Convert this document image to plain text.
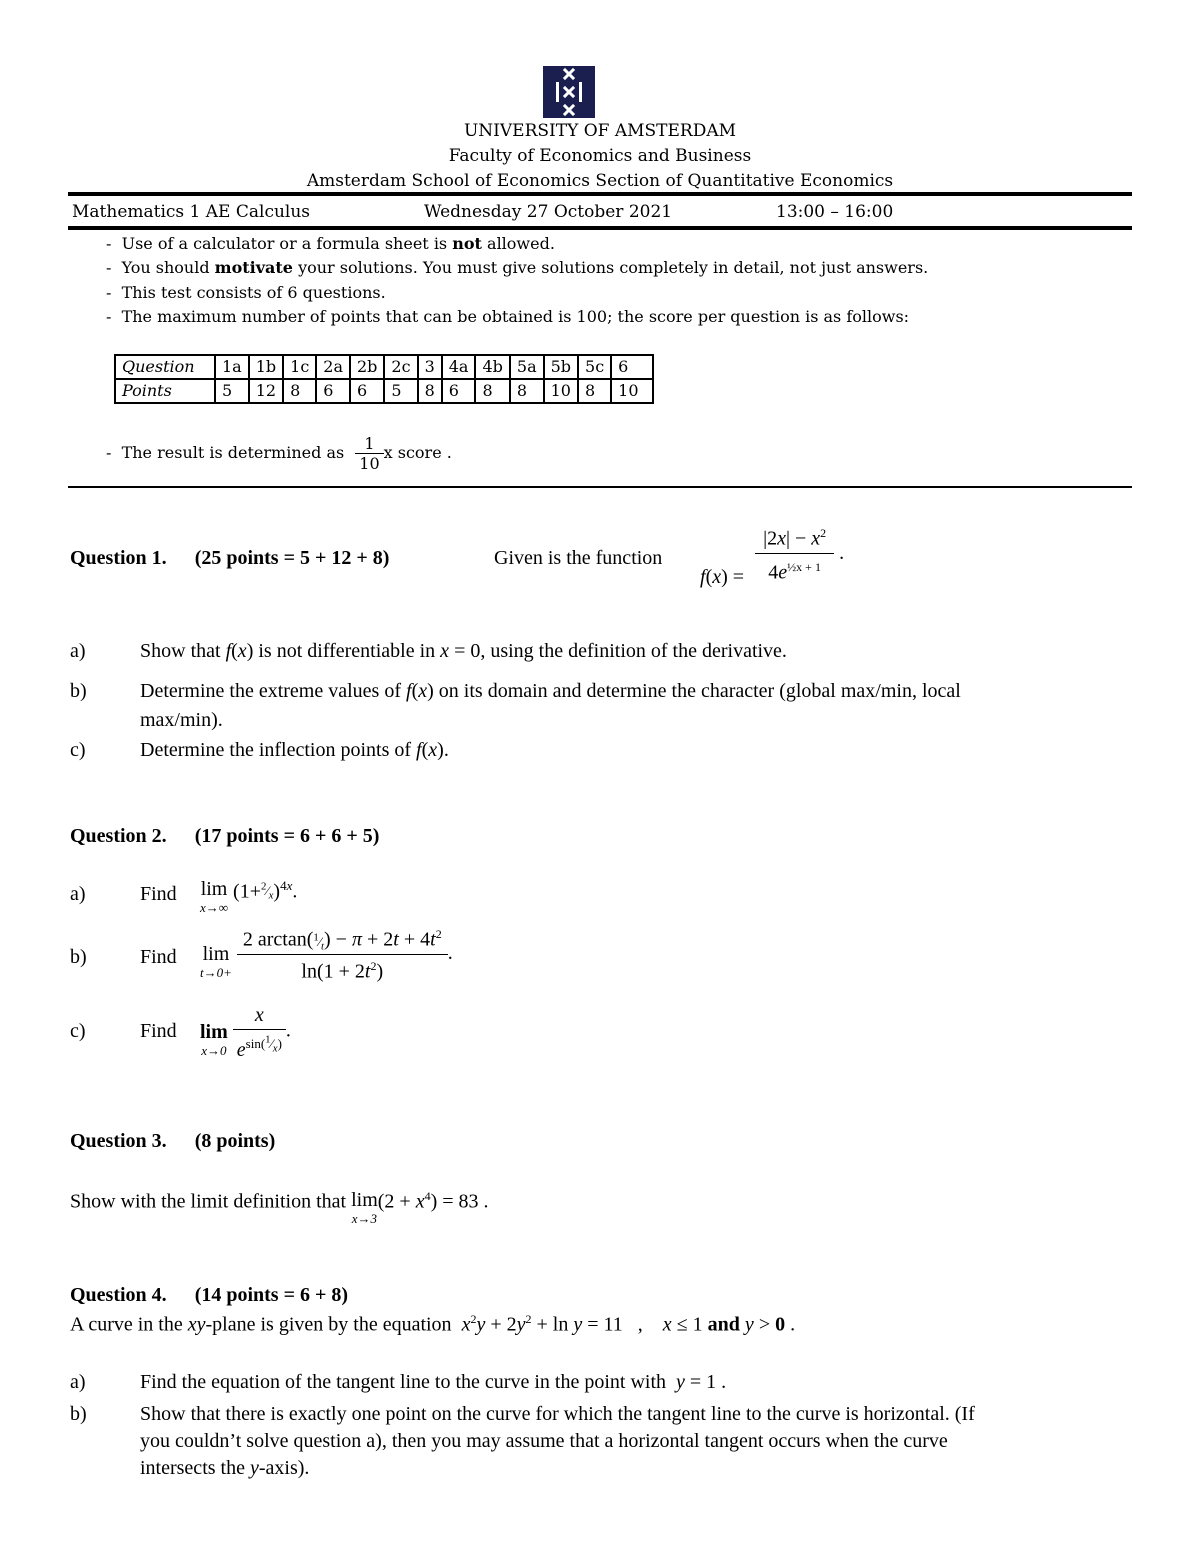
UNIVERSITY OF AMSTERDAM
Faculty of Economics and Business
Amsterdam School of Economics Section of Quantitative Economics
Mathematics 1 AE Calculus	Wednesday 27 October 2021	13:00 – 16:00
-  Use of a calculator or a formula sheet is not allowed.
-  You should motivate your solutions. You must give solutions completely in detail, not just answers.
-  This test consists of 6 questions.
-  The maximum number of points that can be obtained is 100; the score per question is as follows:
Question	1a	1b	1c	2a	2b	2c	3	4a	4b	5a	5b	5c	6
Points	5	12	8	6	6	5	8	6	8	8	10	8	10
-  The result is determined as $\frac{1}{10}$ x score .
Question 1. (25 points = 5 + 12 + 8)	Given is the function
$f(x) = \frac{|2x| - x^2}{4e^{\frac{1}{2}x + 1}}$ .
a)	Show that f(x) is not differentiable in x = 0, using the definition of the derivative.
b)	Determine the extreme values of f(x) on its domain and determine the character (global max/min, local
max/min).
c)	Determine the inflection points of f(x).
Question 2. (17 points = 6 + 6 + 5)
a)	Find lim
$^{x\to\infty}$ $(1+^2⁄_x)^{4x}$.
b)	Find lim
$^{t\to 0+} \frac{2 \arctan(^1⁄_t) - \pi + 2t + 4t^2}{\ln(1 + 2t^2)}$ .
c)	Find lim
$^{x\to 0} \frac{x}{e^{sin(^1⁄_x)}}$ .
Question 3. (8 points)
Show with the limit definition that lim
$^{x\to 3}(2 + x^4) = 83$ .
Question 4. (14 points = 6 + 8)
A curve in the xy-plane is given by the equation $x^2y + 2y^2 + \ln y = 11$   ,    x ≤ 1 and y > 0 .
a)	Find the equation of the tangent line to the curve in the point with y = 1 .
b)	Show that there is exactly one point on the curve for which the tangent line to the curve is horizontal. (If
you couldn’t solve question a), then you may assume that a horizontal tangent occurs when the curve
intersects the y-axis).
